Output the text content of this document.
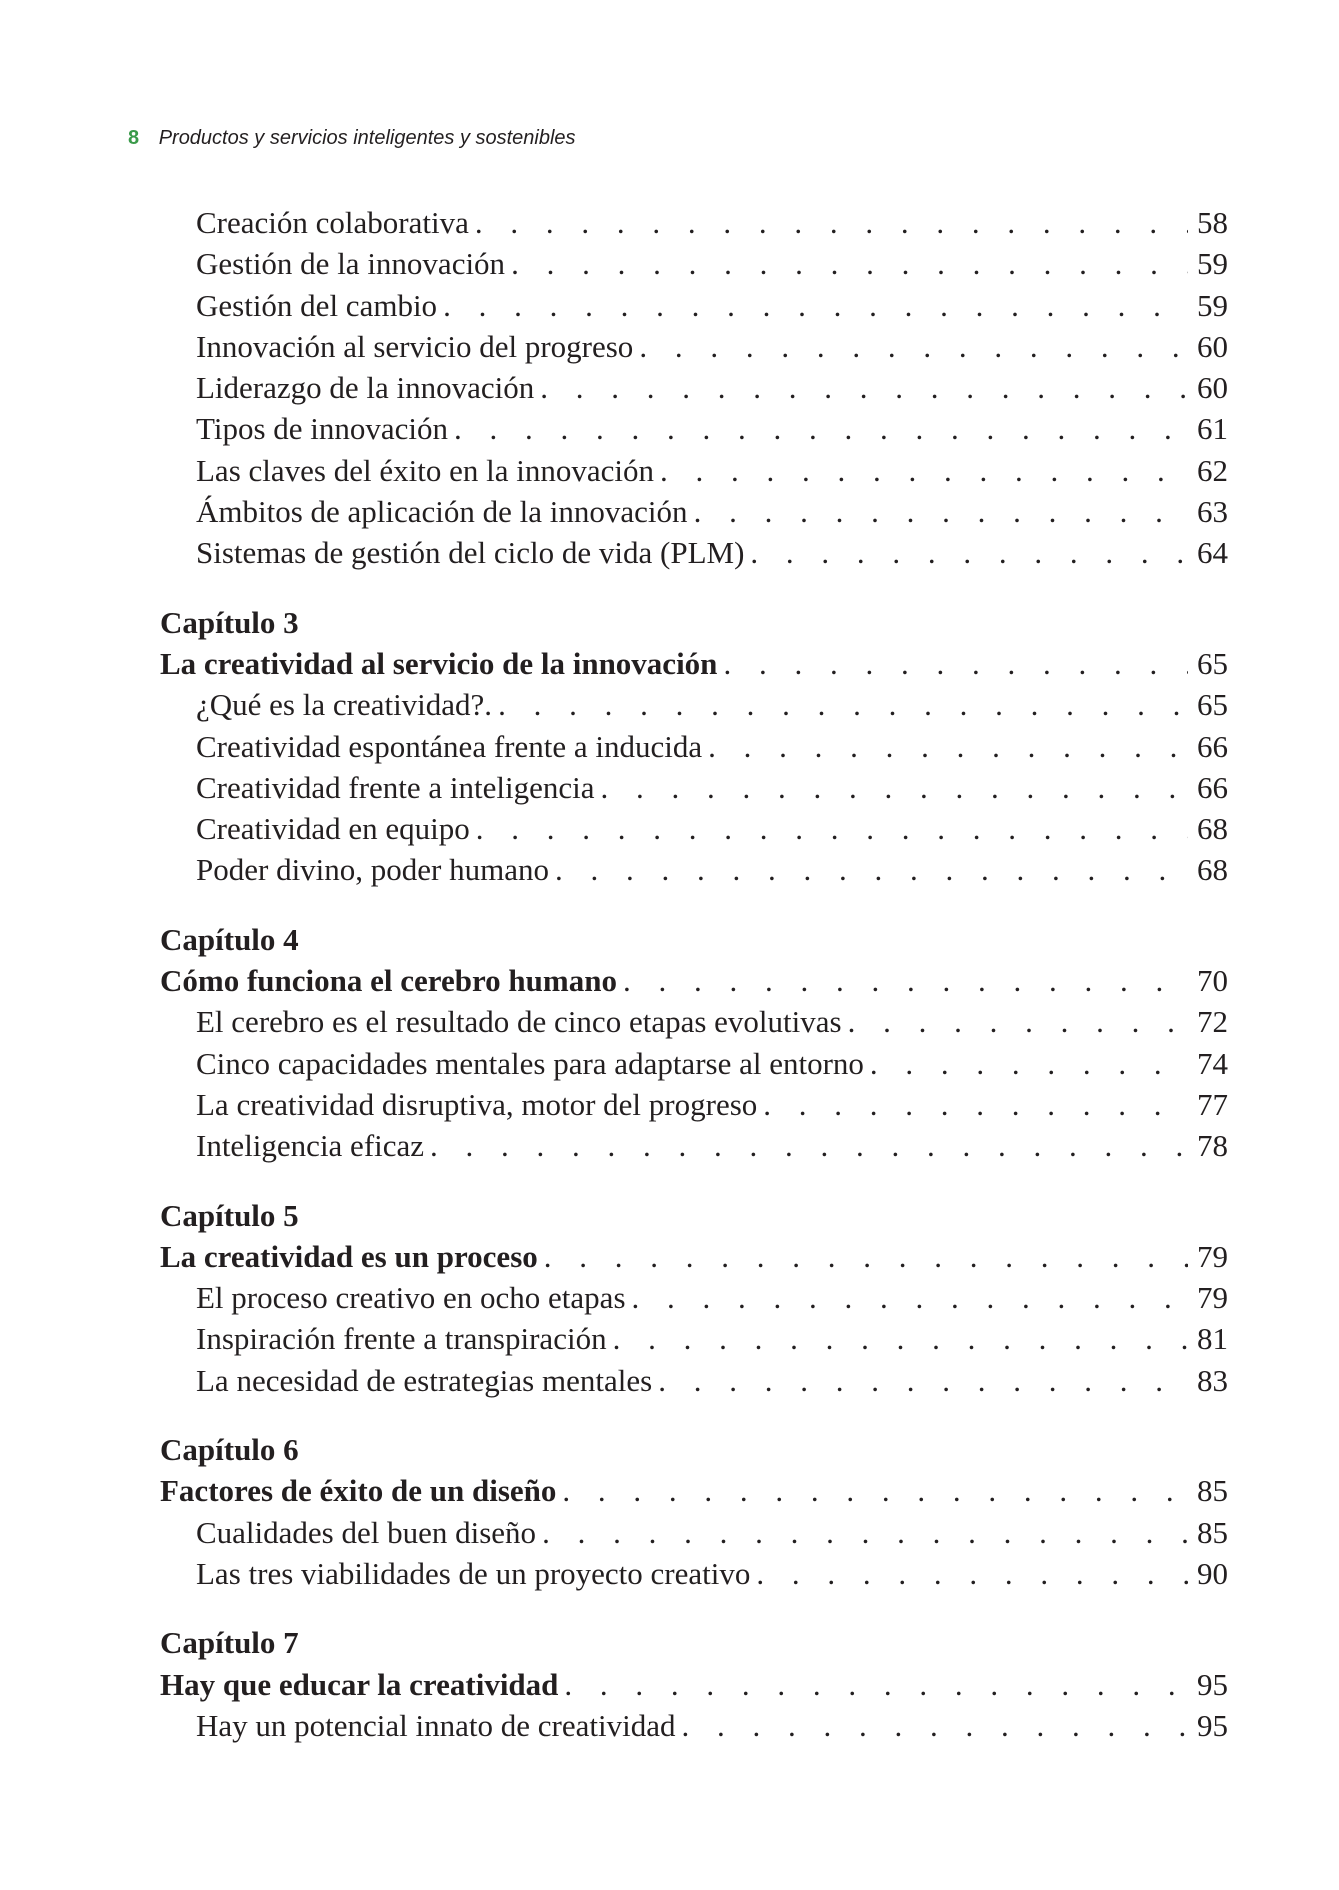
8 Productos y servicios inteligentes y sostenibles
Creación colaborativa . . .	58
Gestión de la innovación . . .	59
Gestión del cambio . . .	59
Innovación al servicio del progreso . . .	60
Liderazgo de la innovación . . .	60
Tipos de innovación . . .	61
Las claves del éxito en la innovación . . .	62
Ámbitos de aplicación de la innovación . . .	63
Sistemas de gestión del ciclo de vida (PLM) . . .	64
Capítulo 3
La creatividad al servicio de la innovación . . .	65
¿Qué es la creatividad?. . . .	65
Creatividad espontánea frente a inducida . . .	66
Creatividad frente a inteligencia . . .	66
Creatividad en equipo . . .	68
Poder divino, poder humano . . .	68
Capítulo 4
Cómo funciona el cerebro humano . . .	70
El cerebro es el resultado de cinco etapas evolutivas . . .	72
Cinco capacidades mentales para adaptarse al entorno . . .	74
La creatividad disruptiva, motor del progreso . . .	77
Inteligencia eficaz . . .	78
Capítulo 5
La creatividad es un proceso . . .	79
El proceso creativo en ocho etapas . . .	79
Inspiración frente a transpiración . . .	81
La necesidad de estrategias mentales . . .	83
Capítulo 6
Factores de éxito de un diseño . . .	85
Cualidades del buen diseño . . .	85
Las tres viabilidades de un proyecto creativo . . .	90
Capítulo 7
Hay que educar la creatividad . . .	95
Hay un potencial innato de creatividad . . .	95
